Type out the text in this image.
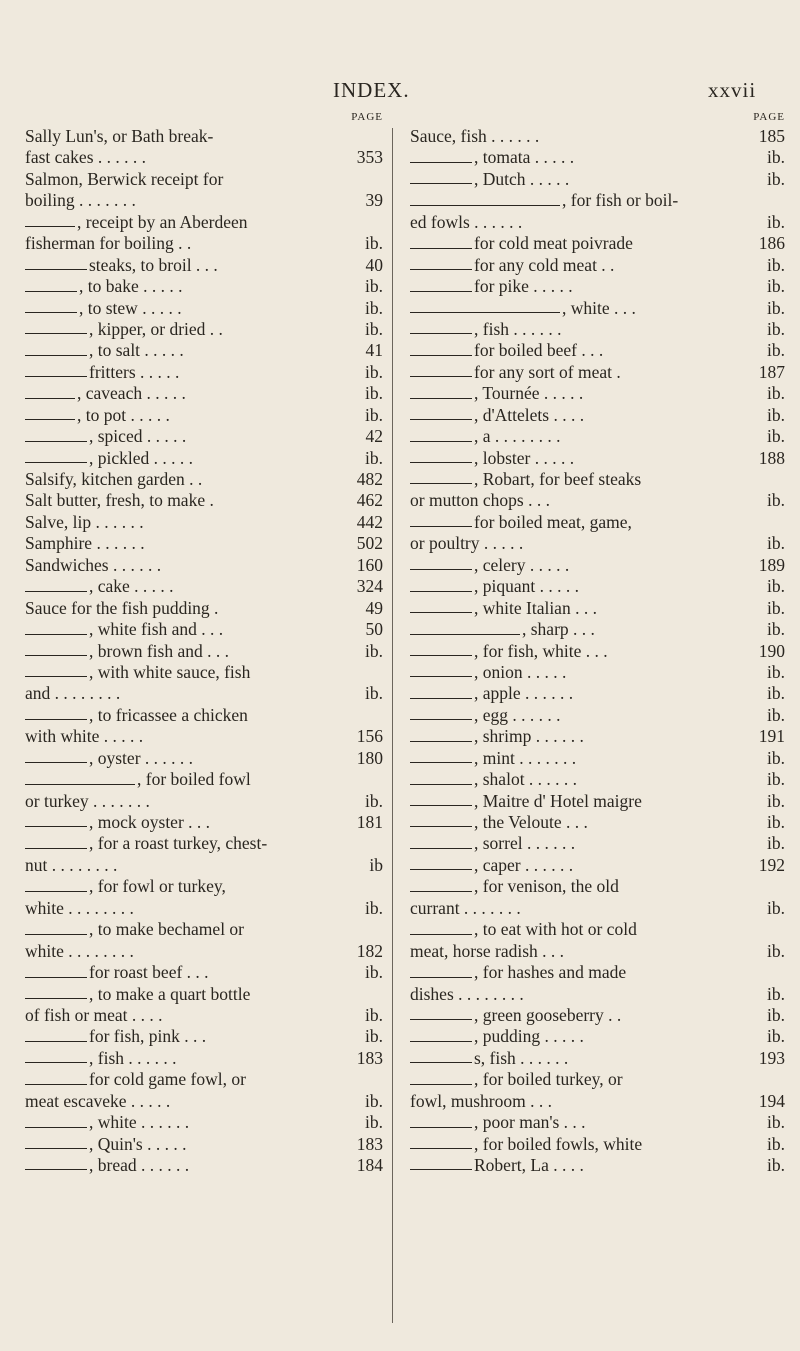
INDEX.	xxvii
PAGE
Sally Lun's, or Bath break-
fast cakes . . . . . .	353
Salmon, Berwick receipt for
boiling . . . . . . .	39
, receipt by an Aberdeen
fisherman for boiling . .	ib.
steaks, to broil . . .	40
, to bake . . . . .	ib.
, to stew . . . . .	ib.
, kipper, or dried . .	ib.
, to salt . . . . .	41
fritters . . . . .	ib.
, caveach . . . . .	ib.
, to pot . . . . .	ib.
, spiced . . . . .	42
, pickled . . . . .	ib.
Salsify, kitchen garden . .	482
Salt butter, fresh, to make .	462
Salve, lip . . . . . .	442
Samphire . . . . . .	502
Sandwiches . . . . . .	160
, cake . . . . .	324
Sauce for the fish pudding .	49
, white fish and . . .	50
, brown fish and . . .	ib.
, with white sauce, fish
and . . . . . . . .	ib.
, to fricassee a chicken
with white . . . . .	156
, oyster . . . . . .	180
, for boiled fowl
or turkey . . . . . . .	ib.
, mock oyster . . .	181
, for a roast turkey, chest-
nut . . . . . . . .	ib
, for fowl or turkey,
white . . . . . . . .	ib.
, to make bechamel or
white . . . . . . . .	182
for roast beef . . .	ib.
, to make a quart bottle
of fish or meat . . . .	ib.
for fish, pink . . .	ib.
, fish . . . . . .	183
for cold game fowl, or
meat escaveke . . . . .	ib.
, white . . . . . .	ib.
, Quin's . . . . .	183
, bread . . . . . .	184
PAGE
Sauce, fish . . . . . .	185
, tomata . . . . .	ib.
, Dutch . . . . .	ib.
, for fish or boil-
ed fowls . . . . . .	ib.
for cold meat poivrade	186
for any cold meat . .	ib.
for pike . . . . .	ib.
, white . . .	ib.
, fish . . . . . .	ib.
for boiled beef . . .	ib.
for any sort of meat .	187
, Tournée . . . . .	ib.
, d'Attelets . . . .	ib.
, a . . . . . . . .	ib.
, lobster . . . . .	188
, Robart, for beef steaks
or mutton chops . . .	ib.
for boiled meat, game,
or poultry . . . . .	ib.
, celery . . . . .	189
, piquant . . . . .	ib.
, white Italian . . .	ib.
, sharp . . .	ib.
, for fish, white . . .	190
, onion . . . . .	ib.
, apple . . . . . .	ib.
, egg . . . . . .	ib.
, shrimp . . . . . .	191
, mint . . . . . . .	ib.
, shalot . . . . . .	ib.
, Maitre d' Hotel maigre	ib.
, the Veloute . . .	ib.
, sorrel . . . . . .	ib.
, caper . . . . . .	192
, for venison, the old
currant . . . . . . .	ib.
, to eat with hot or cold
meat, horse radish . . .	ib.
, for hashes and made
dishes . . . . . . . .	ib.
, green gooseberry . .	ib.
, pudding . . . . .	ib.
s, fish . . . . . .	193
, for boiled turkey, or
fowl, mushroom . . .	194
, poor man's . . .	ib.
, for boiled fowls, white	ib.
Robert, La . . . .	ib.
